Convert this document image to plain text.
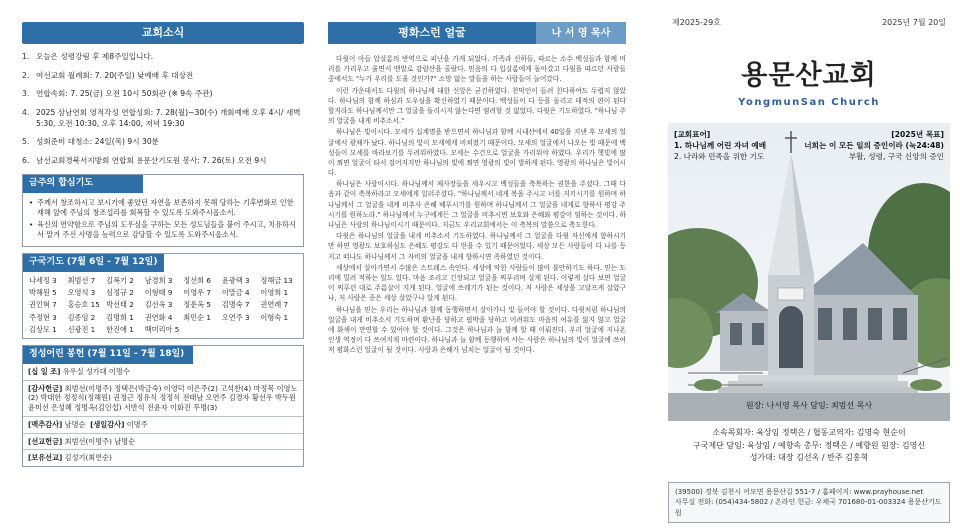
교회소식
1. 오늘은 성령강림 후 제8주일입니다.
2. 여선교회 월례회: 7. 20(주일) 낮예배 후 대상전
3. 연합속회: 7. 25(금) 오전 10시 50회관 (※ 9속 주관)
4. 2025 삼남연회 영적각성 연합성회: 7. 28(월)~30(수) 개회예배 오후 4시/ 새벽 5:30, 오전 10:30, 오후 14:00, 저녁 19:30
5. 성회준비 대청소: 24일(목) 9시 30분
6. 남선교회경북서지방회 연합회 용문산기도원 봉사: 7. 26(토) 오전 9시
금주의 합심기도
• 주께서 창조하시고 보시기에 좋았던 자연을 보존하지 못해 당하는 기후변화로 인한 재해 앞에 주님의 창조섭리를 회복할 수 있도록 도와주시옵소서.
• 육신의 연약함으로 주님의 도우심을 구하는 모든 성도님들을 붙어 주시고, 치유하셔서 맡겨 주신 사명을 능력으로 감당할 수 있도록 도와주시옵소서.
구국기도 (7월 6일 - 7월 12일)
나세정 3	최범선 7	김복기 2	남경희 3	정선희 6	윤광택 3	정해금 13
박해원 5	오영석 3	심정규 2	이형태 9	이영우 7	이말금 4	이영희 1
권인혁 7	홍승호 15 박선태 2	김선옥 3	정운옥 5	김명숙 7	권연례 7
주정현 3	김종임 2	김명희 1	권연화 4	최민순 1	오연주 3	이형숙 1
김상모 1	신광진 1	한진애 1	백미리아 5
정성어린 봉헌 (7월 11일 - 7월 18일)
[십 일 조] 유우실 성가대 이명수
[감사헌금] 최범선(이명주) 정택은(박금숙) 이영덕 이은주(2) 고석찬(4) 마정목 이영노(2) 박대한 정정식(정해원) 권정근 정유식 정정식 전태남 오연주 김경자 황선우 박두원 윤미선 은성혜 정명옥(김인섭) 서반석 전윤자 이화진 무명(3)
[맥추감사] 남명순 [생일감사] 이명주
[선교헌금] 최범선(이명주) 남명순
[보유선교] 김성기(최연순)
평화스런 얼굴	나 서 영 목사

다윗이 아들 압살롬의 반역으로 피난을 가게 되었다. 가족과 신하들, 따르는 소수 백성들과 함께 머리를 가리우고 울면서 맨발로 감람산을 올랐다. 믿음의 다 입살롬에게 돌아갔고 다윗을 따르던 사람들 중에서도 "누가 우리를 도울 것인가?" 소망 없는 말들을 하는 사람들이 늘어갔다.

이런 가운데서도 다윗의 하나님께 대한 신앙은 굳건하였다. 천막인이 들려 친다하여도 두렵지 않았다. 하나님의 함께 하심과 도우심을 확신하였기 때문이다. 백성들이 다 등을 돌리고 대적의 편이 된다 할지라도 하나님께서만 그 얼굴을 돌리시지 않는다면 염려할 것 없었다. 다윗은 기도하였다. "하나님 주의 얼굴을 내게 비추소서."

하나님은 빛이시다. 모세가 십계명을 받으면서 하나님과 함께 시내산에서 40일을 지낸 후 모세의 얼굴에서 광채가 났다. 하나님의 빛이 모세에게 비쳐졌기 때문이다. 모세의 얼굴에서 나오는 빛 때문에 백성들이 모세를 바라보기를 두려워하였다. 모세는 수건으로 얼굴을 가리워야 하였다. 우리가 햇빛에 많이 쬐면 얼굴이 타서 검어지지만 하나님의 빛에 쬐면 영광의 빛이 발하게 된다. 영광의 하나님은 빛이시다.

하나님은 사랑이시다. 하나님께서 제사장들을 세우시고 백성들을 축복하는 권한을 주셨다. 그때 다음과 같이 축복하라고 모세에게 일러주셨다. "하나님께서 네게 복을 주시고 너를 지키시기를 원하며 하나님께서 그 얼굴을 네게 비추사 은혜 베푸시기를 원하며 하나님께서 그 얼굴을 네게로 향하사 평강 주시기를 원하노라." 하나님께서 누구에게든 그 얼굴을 비추시면 보호와 은혜와 평강이 임하는 것이다. 하나님은 사랑의 하나님이시기 때문이다. 지금도 우리교회에서는 이 축복의 말씀으로 축도한다.

다윗은 하나님의 얼굴을 내게 비추소서 기도하였다. 하나님께서 그 얼굴을 다윗 자신에게 향하시기만 하면 영광도 보호하심도 은혜도 평강도 다 얻을 수 있기 때문이었다. 세상 모든 사람들이 다 나를 등지고 떠나도 하나님께서 그 자비의 얼굴을 내게 향하시면 족하였던 것이다.

세상에서 살아가면서 수많은 스트레스 속인다. 세상에 악한 사람들이 많아 불안하기도 하다. 믿는 도리에 밀려 적하는 일도 있다. 마음 조리고 긴장되고 얼굴을 찌푸리며 살게 된다. 이렇게 살다 보면 얼굴이 찌푸린 대로 주름살이 지게 된다. 얼굴에 쓰레기가 된는 것이다. 저 사람은 세상을 고달프게 살았구나, 저 사람은 종은 세상 살았구나 알게 된다.

하나님을 믿는 우리는 하나님과 함께 동행하면서 살아가니 빛 들어야 할 것이다. 다윗처럼 하나님의 얼굴을 내게 비추소서 기도하며 환난을 당하고 핍박을 당하고 어려워도 마음의 여유를 잃지 않고 얼굴에 화색이 만연할 수 있어야 할 것이다. 그것은 하나님과 늘 함께 할 때 이뤄진다. 우리 얼굴에 지나온 인생 역정이 다 쓰여지게 마련이다. 하나님과 늘 함께 동행하며 사는 사람은 하나님의 빛이 얼굴에 쓰여져 평화스런 얼굴이 될 것이다. 사랑과 은혜가 넘치는 얼굴이 될 것이다.

제2025-29호	2025년 7월 20일
용문산교회
YongmunSan Church
[교회표어]	[2025년 목표]
1. 하나님께 어린 자녀 예배	너희는 이 모든 일의 증인이라 (눅24:48)
2. 나라와 민족을 위한 기도	부활, 성령, 구국 신앙의 증인
원장: 나서영 목사 담임: 최범선 목사
소속목회자: 육상임 정택은 / 협동교역자: 김명숙 현순이
구국제단 담임: 육상임 / 예향속 총무: 정택은 / 예향원 원장: 김영신
성가대: 대장 김선옥 / 반주 김홍혁
(39500) 경북 김천시 어모면 용문산길 551-7 / 홈페이지: www.prayhouse.net
사무실 전화: (054)434-5802 / 온라인 헌금: 우체국 701680-01-003324 용문산기도원
